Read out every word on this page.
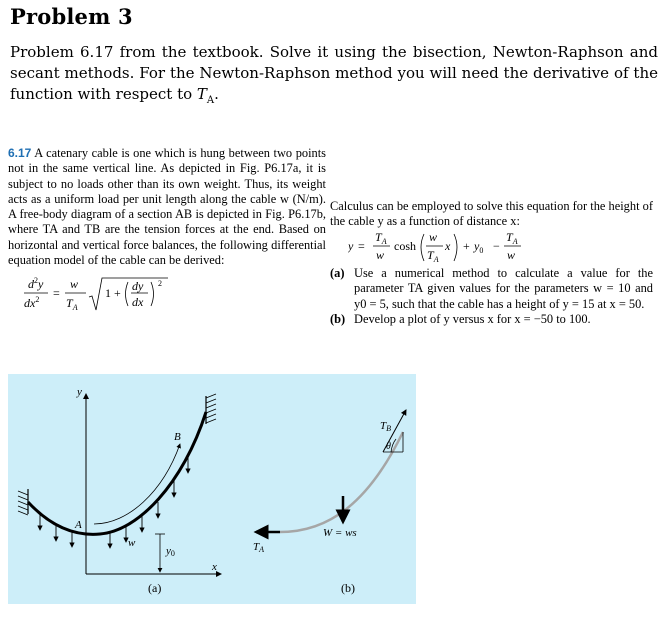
Problem 3

Problem 6.17 from the textbook. Solve it using the bisection, Newton-Raphson and secant methods. For the Newton-Raphson method you will need the derivative of the function with respect to $T_A$.

6.17 A catenary cable is one which is hung between two points not in the same vertical line. As depicted in Fig. P6.17a, it is subject to no loads other than its own weight. Thus, its weight acts as a uniform load per unit length along the cable w (N/m). A free-body diagram of a section AB is depicted in Fig. P6.17b, where TA and TB are the tension forces at the end. Based on horizontal and vertical force balances, the following differential equation model of the cable can be derived:

$d^2y$
$dx^2$ =
w
$T_A$
1 + dy
dx
2

Calculus can be employed to solve this equation for the height of the cable y as a function of distance x:

y =
$T_A$
w
cosh
w
$T_A$
$x + y_0$ −
$T_A$
w
(a) Use a numerical method to calculate a value for the parameter TA given values for the parameters w = 10 and y0 = 5, such that the cable has a height of y = 15 at x = 50.
(b) Develop a plot of y versus x for x = −50 to 100.
y
x
A
B
w
y0
(a)
TA
W = ws
θ
TB
(b)
